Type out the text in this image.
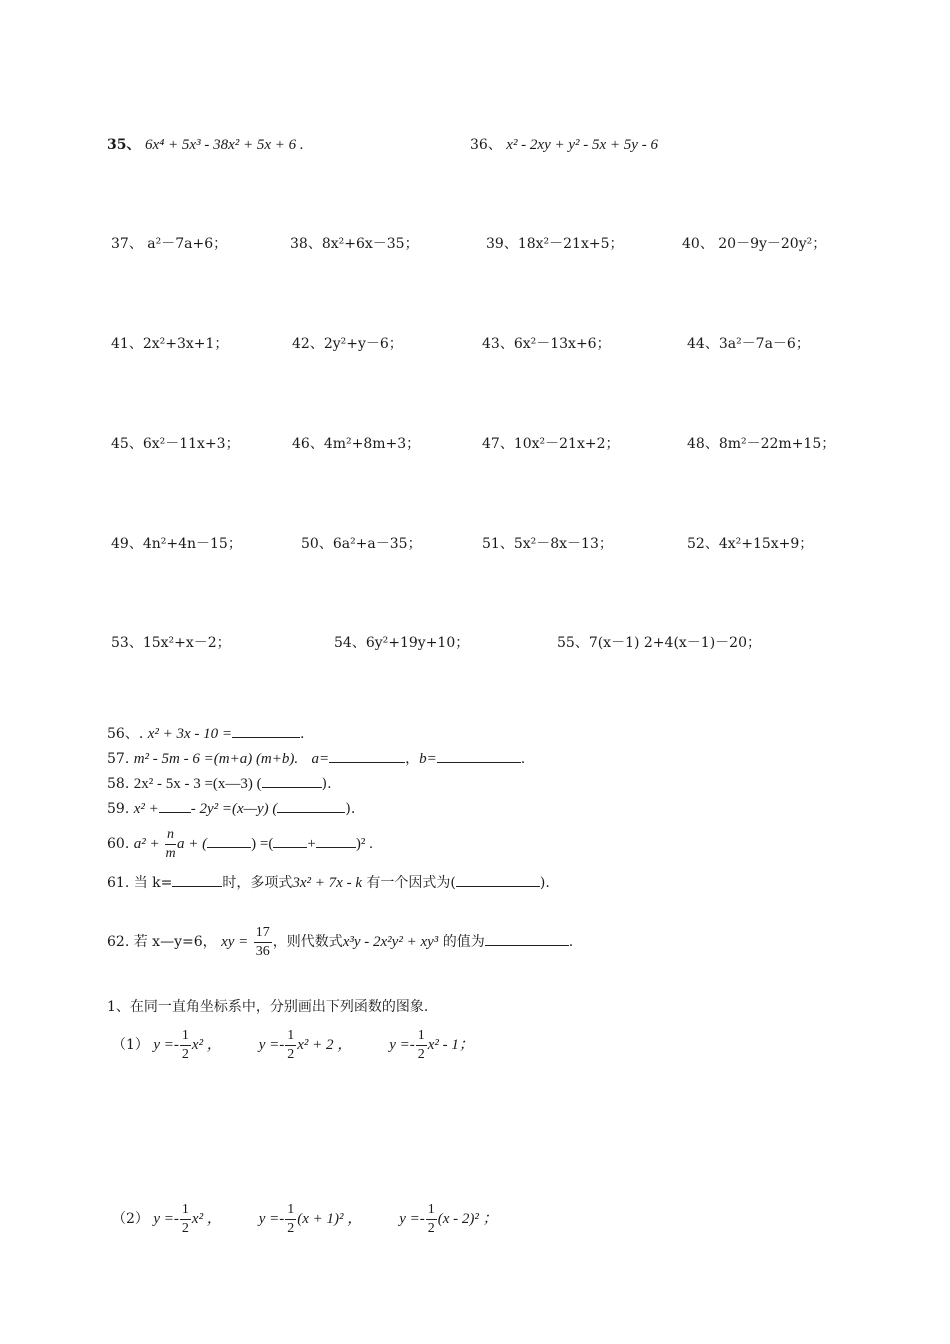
35、 6x⁴ + 5x³ - 38x² + 5x + 6 .	36、 x² - 2xy + y² - 5x + 5y - 6
37、 a²－7a+6；	38、8x²+6x－35；	39、18x²－21x+5；	40、 20－9y－20y²；
41、2x²+3x+1；	42、2y²+y－6；	43、6x²－13x+6；	44、3a²－7a－6；
45、6x²－11x+3；	46、4m²+8m+3；	47、10x²－21x+2；	48、8m²－22m+15；
49、4n²+4n－15；	50、6a²+a－35；	51、5x²－8x－13；	52、4x²+15x+9；
53、15x²+x－2；	54、6y²+19y+10；	55、7(x－1) 2+4(x－1)－20；
56、. x² + 3x - 10 =	.
57. m² - 5m - 6 =(m+a) (m+b). a=	，b=	.
58. 2x² - 5x - 3 =(x—3) (	).
59. x² + - 2y² =(x—y) (	).
60. $a^2 + \frac{n}{m}$ a + (	) =( +	)² .
61. 当 k=	时，多项式3x² + 7x - k 有一个因式为(	).
62. 若 x—y=6， xy = $\frac{17}{36}$ ，则代数式x³y - 2x²y² + xy³ 的值为	.
1、在同一直角坐标系中，分别画出下列函数的图象.
（1） $y =- \frac{1}{2} x^2$ ， $y =- \frac{1}{2} x^2 + 2$ ， $y =- \frac{1}{2} x^2 - 1$；
（2） $y =- \frac{1}{2} x^2$ ， $y =- \frac{1}{2} (x + 1)^2$ ， $y =- \frac{1}{2} (x - 2)^2$ ；
